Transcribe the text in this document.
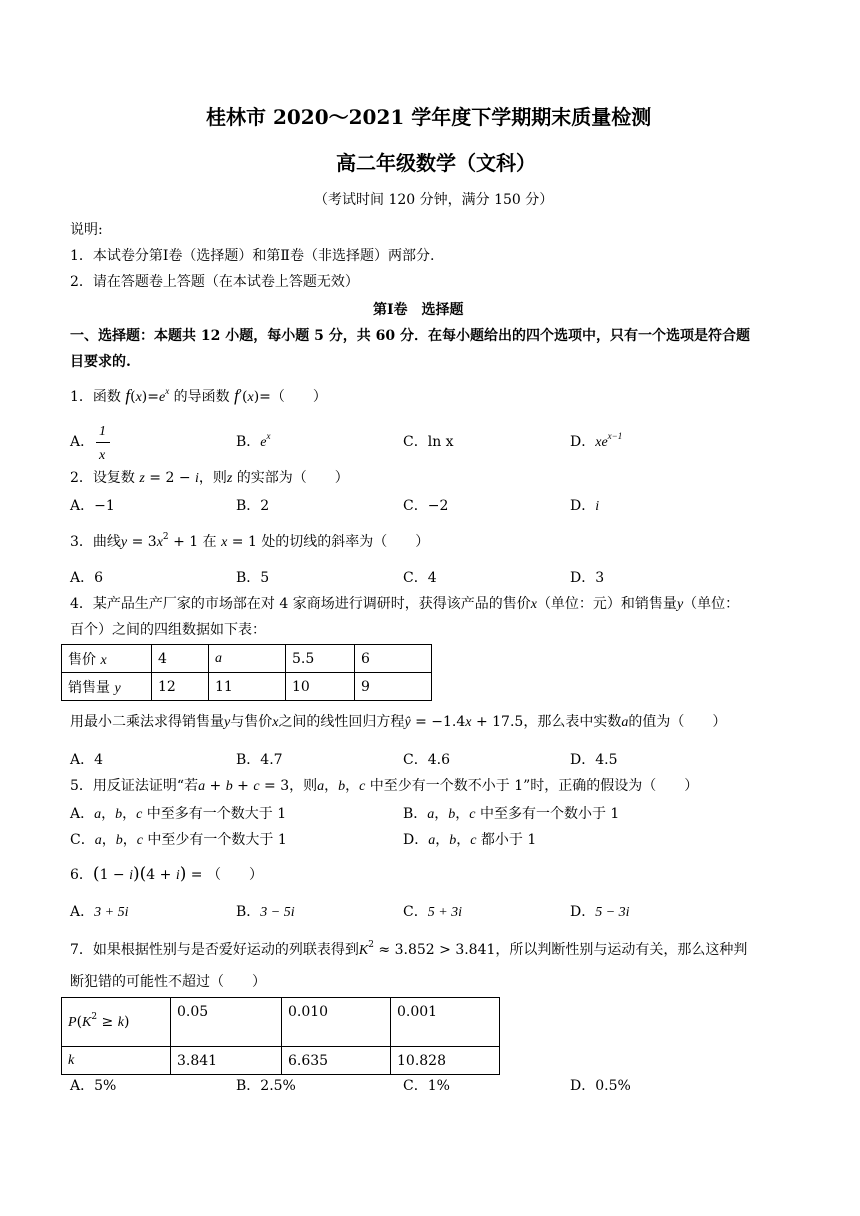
桂林市 2020～2021 学年度下学期期末质量检测
高二年级数学（文科）
（考试时间 120 分钟，满分 150 分）
说明:
1．本试卷分第Ⅰ卷（选择题）和第Ⅱ卷（非选择题）两部分.
2．请在答题卷上答题（在本试卷上答题无效）
第Ⅰ卷　选择题
一、选择题：本题共 12 小题，每小题 5 分，共 60 分．在每小题给出的四个选项中，只有一个选项是符合题
目要求的.
1．函数 $f(x)=e^x$ 的导函数 f′(x)=（　　）
A．
1
x
B．$e^x$	C．ln x	D．$xe^{x-1}$
2．设复数 z = 2 − i，则z 的实部为（　　）
A．−1	B．2	C．−2	D．i
3．曲线$y = 3x^2 + 1$ 在 x = 1 处的切线的斜率为（　　）
A．6	B．5	C．4	D．3
4．某产品生产厂家的市场部在对 4 家商场进行调研时，获得该产品的售价x（单位：元）和销售量y（单位：
百个）之间的四组数据如下表：
售价 x	4	a	5.5	6
销售量 y	12	11	10	9
用最小二乘法求得销售量y与售价x之间的线性回归方程ŷ = −1.4x + 17.5，那么表中实数a的值为（　　）
A．4	B．4.7	C．4.6	D．4.5
5．用反证法证明“若a + b + c = 3，则a，b，c 中至少有一个数不小于 1”时，正确的假设为（　　）
A．a，b，c 中至多有一个数大于 1	B．a，b，c 中至多有一个数小于 1
C．a，b，c 中至少有一个数大于 1	D．a，b，c 都小于 1
6．(1 − i)(4 + i) = （　　）
A．3 + 5i	B．3 − 5i	C．5 + 3i	D．5 − 3i
7．如果根据性别与是否爱好运动的列联表得到$K^2 \approx 3.852 > 3.841$，所以判断性别与运动有关，那么这种判
断犯错的可能性不超过（　　）
$P(K^2 \ge k)$	0.05	0.010	0.001
k	3.841	6.635	10.828
A．5%	B．2.5%	C．1%	D．0.5%
